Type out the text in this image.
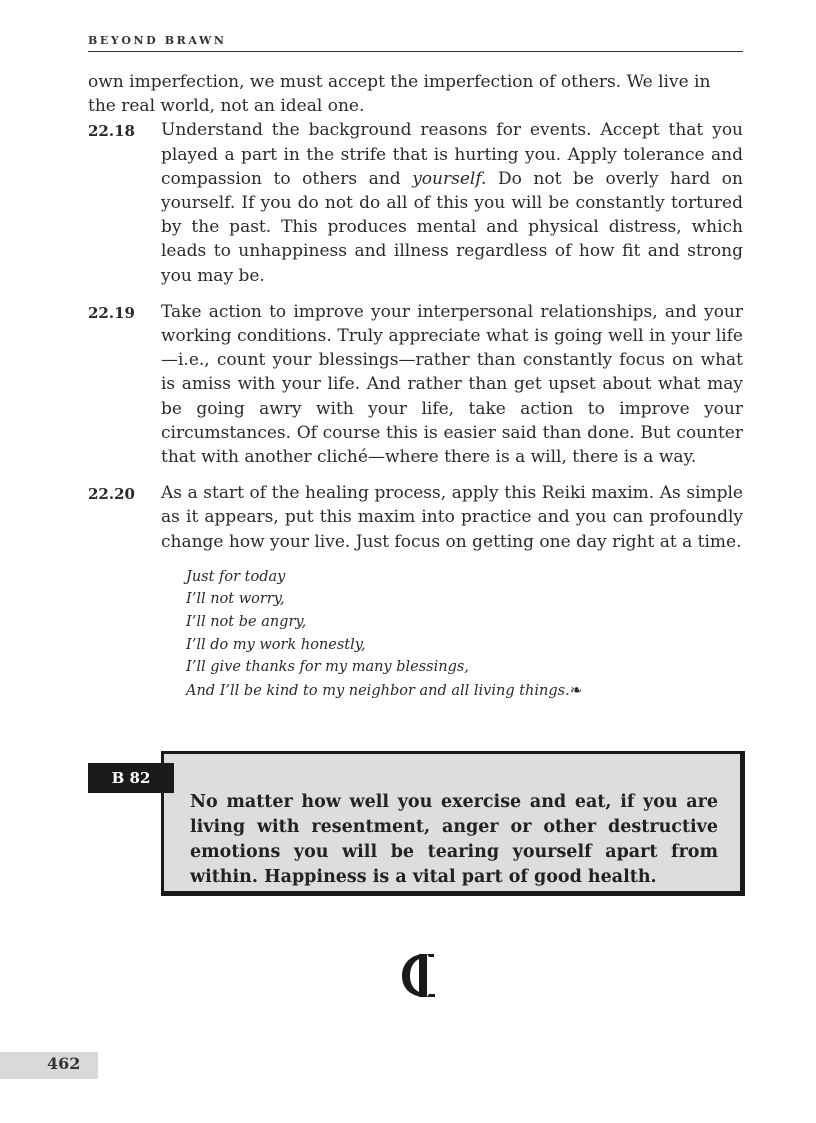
BEYOND BRAWN

own imperfection, we must accept the imperfection of others. We live in the real world, not an ideal one.

22.18	Understand the background reasons for events. Accept that you played a part in the strife that is hurting you. Apply tolerance and compassion to others and yourself. Do not be overly hard on yourself. If you do not do all of this you will be constantly tortured by the past. This produces mental and physical distress, which leads to unhappiness and illness regardless of how fit and strong you may be.

22.19	Take action to improve your interpersonal relationships, and your working conditions. Truly appreciate what is going well in your life—i.e., count your blessings—rather than constantly focus on what is amiss with your life. And rather than get upset about what may be going awry with your life, take action to improve your circumstances. Of course this is easier said than done. But counter that with another cliché—where there is a will, there is a way.

22.20	As a start of the healing process, apply this Reiki maxim. As simple as it appears, put this maxim into practice and you can profoundly change how your live. Just focus on getting one day right at a time.

Just for today
I’ll not worry,
I’ll not be angry,
I’ll do my work honestly,
I’ll give thanks for my many blessings,
And I’ll be kind to my neighbor and all living things.❧

No matter how well you exercise and eat, if you are living with resentment, anger or other destructive emotions you will be tearing yourself apart from within. Happiness is a vital part of good health.

B 82
462
